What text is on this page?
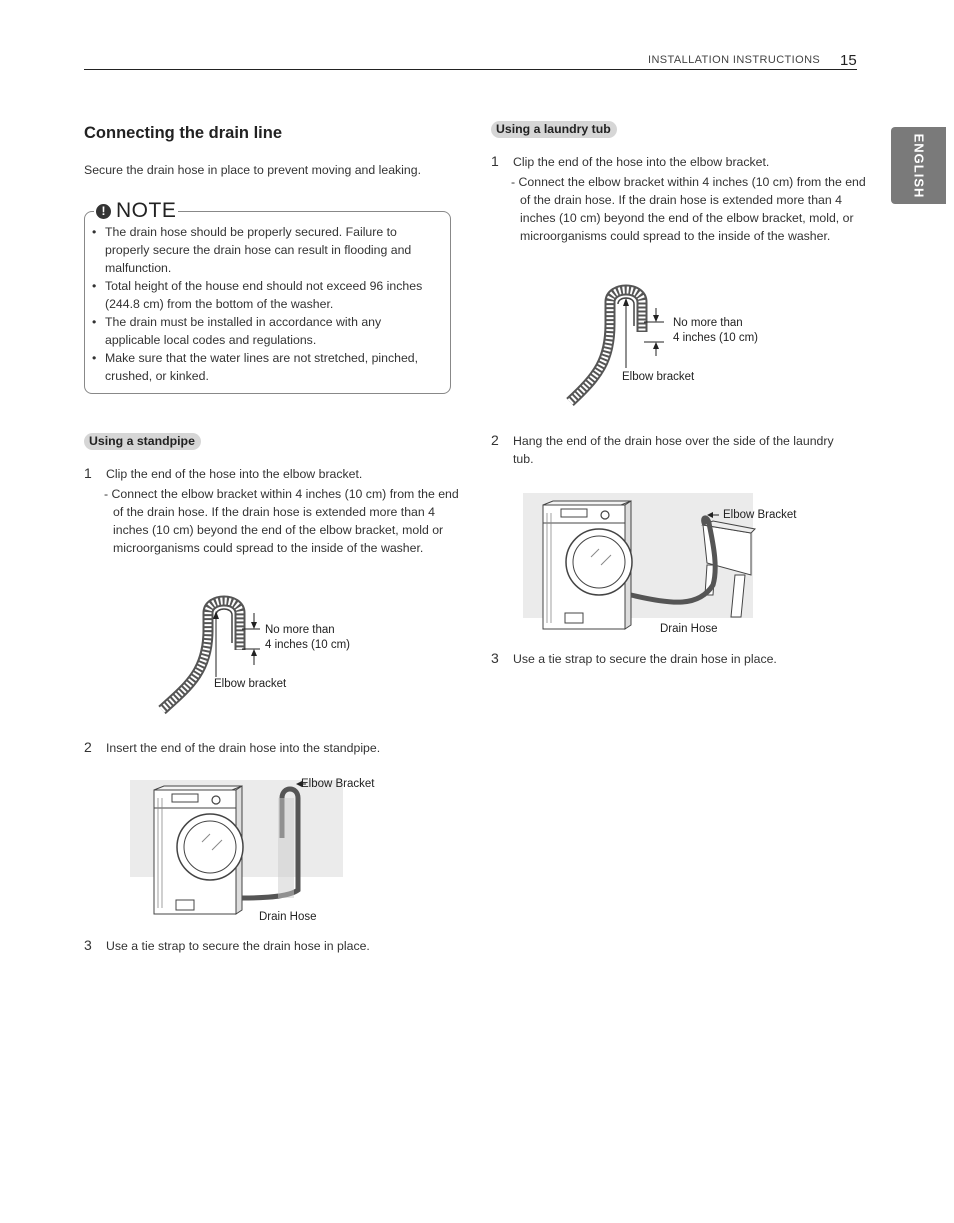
INSTALLATION INSTRUCTIONS 15
ENGLISH
Connecting the drain line
Secure the drain hose in place to prevent moving and leaking.
! NOTE
• The drain hose should be properly secured. Failure to properly secure the drain hose can result in flooding and malfunction.
• Total height of the house end should not exceed 96 inches (244.8 cm) from the bottom of the washer.
• The drain must be installed in accordance with any applicable local codes and regulations.
• Make sure that the water lines are not stretched, pinched, crushed, or kinked.
Using a standpipe
1 Clip the end of the hose into the elbow bracket.
- Connect the elbow bracket within 4 inches (10 cm) from the end of the drain hose. If the drain hose is extended more than 4 inches (10 cm) beyond the end of the elbow bracket, mold or microorganisms could spread to the inside of the washer.
No more than
4 inches (10 cm)
Elbow bracket
2 Insert the end of the drain hose into the standpipe.
Elbow Bracket
Drain Hose
3 Use a tie strap to secure the drain hose in place.
Using a laundry tub
1 Clip the end of the hose into the elbow bracket.
- Connect the elbow bracket within 4 inches (10 cm) from the end of the drain hose. If the drain hose is extended more than 4 inches (10 cm) beyond the end of the elbow bracket, mold, or microorganisms could spread to the inside of the washer.
No more than
4 inches (10 cm)
Elbow bracket
2 Hang the end of the drain hose over the side of the laundry tub.
Elbow Bracket
Drain Hose
3 Use a tie strap to secure the drain hose in place.
